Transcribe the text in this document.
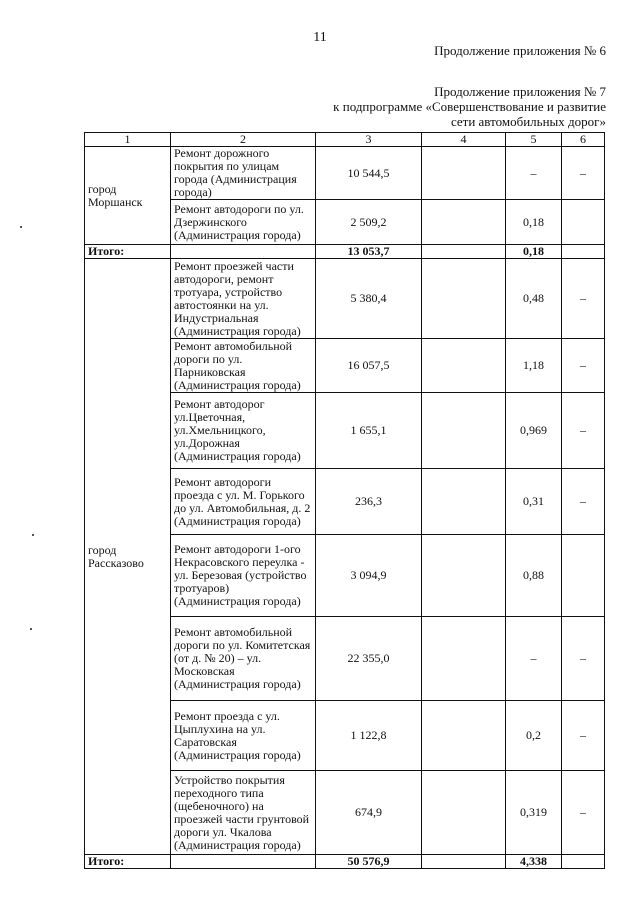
11
Продолжение приложения № 6
Продолжение приложения № 7
к подпрограмме «Совершенствование и развитие
сети автомобильных дорог»
1	2	3	4	5	6
город Моршанск	Ремонт дорожного покрытия по улицам города (Администрация города)	10 544,5		–	–
	Ремонт автодороги по ул. Дзержинского (Администрация города)	2 509,2		0,18	
Итого:		13 053,7		0,18	
город Рассказово	Ремонт проезжей части автодороги, ремонт тротуара, устройство автостоянки на ул. Индустриальная (Администрация города)	5 380,4		0,48	–
	Ремонт автомобильной дороги по ул. Парниковская (Администрация города)	16 057,5		1,18	–
	Ремонт автодорог ул.Цветочная, ул.Хмельницкого, ул.Дорожная (Администрация города)	1 655,1		0,969	–
	Ремонт автодороги проезда с ул. М. Горького до ул. Автомобильная, д. 2 (Администрация города)	236,3		0,31	–
	Ремонт автодороги 1-ого Некрасовского переулка - ул. Березовая (устройство тротуаров) (Администрация города)	3 094,9		0,88	
	Ремонт автомобильной дороги по ул. Комитетская (от д. № 20) – ул. Московская (Администрация города)	22 355,0		–	–
	Ремонт проезда с ул. Цыплухина на ул. Саратовская (Администрация города)	1 122,8		0,2	–
	Устройство покрытия переходного типа (щебеночного) на проезжей части грунтовой дороги ул. Чкалова (Администрация города)	674,9		0,319	–
Итого:		50 576,9		4,338	
